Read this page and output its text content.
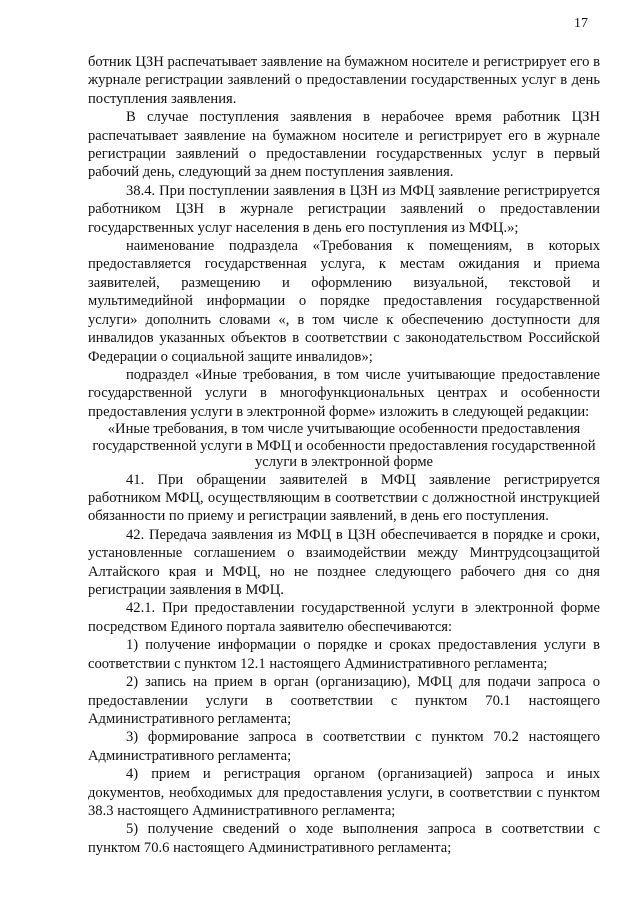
17

ботник ЦЗН распечатывает заявление на бумажном носителе и регистрирует его в журнале регистрации заявлений о предоставлении государственных услуг в день поступления заявления.

В случае поступления заявления в нерабочее время работник ЦЗН распечатывает заявление на бумажном носителе и регистрирует его в журнале регистрации заявлений о предоставлении государственных услуг в первый рабочий день, следующий за днем поступления заявления.

38.4. При поступлении заявления в ЦЗН из МФЦ заявление регистрируется работником ЦЗН в журнале регистрации заявлений о предоставлении государственных услуг населения в день его поступления из МФЦ.»;

наименование подраздела «Требования к помещениям, в которых предоставляется государственная услуга, к местам ожидания и приема заявителей, размещению и оформлению визуальной, текстовой и мультимедийной информации о порядке предоставления государственной услуги» дополнить словами «, в том числе к обеспечению доступности для инвалидов указанных объектов в соответствии с законодательством Российской Федерации о социальной защите инвалидов»;

подраздел «Иные требования, в том числе учитывающие предоставление государственной услуги в многофункциональных центрах и особенности предоставления услуги в электронной форме» изложить в следующей редакции:

«Иные требования, в том числе учитывающие особенности предоставления государственной услуги в МФЦ и особенности предоставления государственной услуги в электронной форме

41. При обращении заявителей в МФЦ заявление регистрируется работником МФЦ, осуществляющим в соответствии с должностной инструкцией обязанности по приему и регистрации заявлений, в день его поступления.

42. Передача заявления из МФЦ в ЦЗН обеспечивается в порядке и сроки, установленные соглашением о взаимодействии между Минтрудсоцзащитой Алтайского края и МФЦ, но не позднее следующего рабочего дня со дня регистрации заявления в МФЦ.

42.1. При предоставлении государственной услуги в электронной форме посредством Единого портала заявителю обеспечиваются:

1) получение информации о порядке и сроках предоставления услуги в соответствии с пунктом 12.1 настоящего Административного регламента;

2) запись на прием в орган (организацию), МФЦ для подачи запроса о предоставлении услуги в соответствии с пунктом 70.1 настоящего Административного регламента;

3) формирование запроса в соответствии с пунктом 70.2 настоящего Административного регламента;

4) прием и регистрация органом (организацией) запроса и иных документов, необходимых для предоставления услуги, в соответствии с пунктом 38.3 настоящего Административного регламента;

5) получение сведений о ходе выполнения запроса в соответствии с пунктом 70.6 настоящего Административного регламента;
